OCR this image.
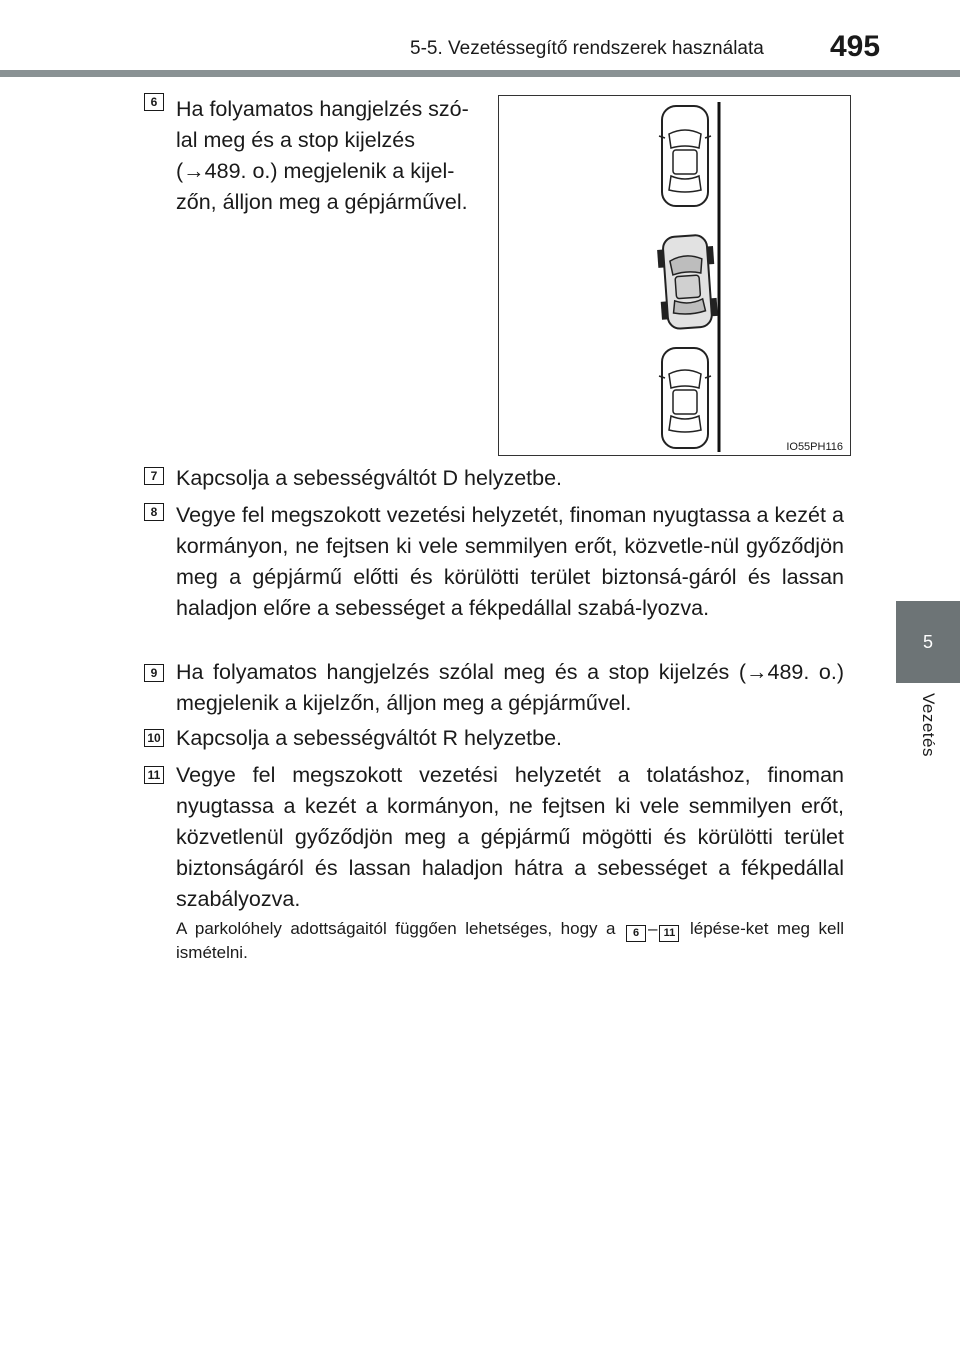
5-5. Vezetéssegítő rendszerek használata 495
5
Vezetés
6 Ha folyamatos hangjelzés szó-lal meg és a stop kijelzés (→489. o.) megjelenik a kijel-zőn, álljon meg a gépjárművel.
IO55PH116
7 Kapcsolja a sebességváltót D helyzetbe.
8 Vegye fel megszokott vezetési helyzetét, finoman nyugtassa a kezét a kormányon, ne fejtsen ki vele semmilyen erőt, közvetle-nül győződjön meg a gépjármű előtti és körülötti terület biztonsá-gáról és lassan haladjon előre a sebességet a fékpedállal szabá-lyozva.
9 Ha folyamatos hangjelzés szólal meg és a stop kijelzés (→489. o.) megjelenik a kijelzőn, álljon meg a gépjárművel.
10 Kapcsolja a sebességváltót R helyzetbe.
11 Vegye fel megszokott vezetési helyzetét a tolatáshoz, finoman nyugtassa a kezét a kormányon, ne fejtsen ki vele semmilyen erőt, közvetlenül győződjön meg a gépjármű mögötti és körülötti terület biztonságáról és lassan haladjon hátra a sebességet a fékpedállal szabályozva.
A parkolóhely adottságaitól függően lehetséges, hogy a 6 – 11 lépése-ket meg kell ismételni.
